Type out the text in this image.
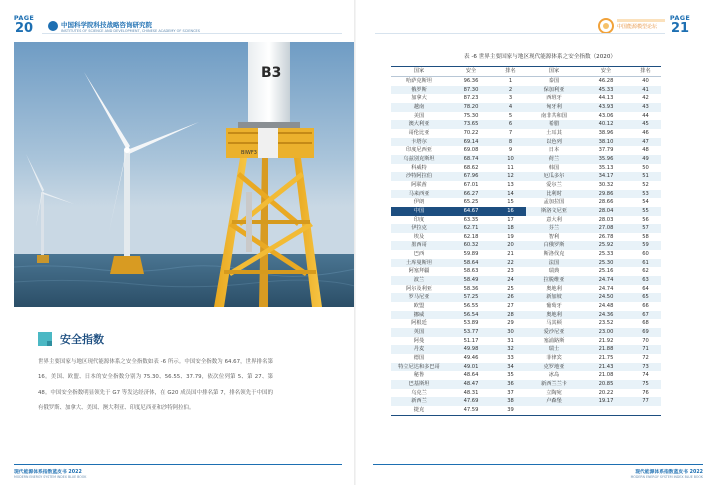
PAGE
20	中国科学院科技战略咨询研究院
INSTITUTES OF SCIENCE AND DEVELOPMENT, CHINESE ACADEMY OF SCIENCES
B3
BIWF3
安全指数
世界主要国家与地区现代能源体系之安全指数如表 -6 所示。中国安全指数为 64.67，世界排名第 16。美国、欧盟、日本的安全指数分别为 75.30、56.55、37.79，依次位列第 5、第 27、第 48。中国安全指数明显领先于 G7 等发达经济体，在 G20 成员国中排名第 7，排名领先于中国的有俄罗斯、加拿大、美国、澳大利亚、印度尼西亚和沙特阿拉伯。
现代能源体系指数蓝皮书 2022
MODERN ENERGY SYSTEM INDEX BLUE BOOK
PAGE
21
中国能源模型论坛
表 -6 世界主要国家与地区现代能源体系之安全指数（2020）
国家	安全	排名	国家	安全	排名
哈萨克斯坦	96.36	1	泰国	46.28	40
俄罗斯	87.30	2	保加利亚	45.33	41
加拿大	87.23	3	西班牙	44.13	42
越南	78.20	4	匈牙利	43.93	43
美国	75.30	5	南非共和国	43.06	44
澳大利亚	73.65	6	希腊	40.12	45
哥伦比亚	70.22	7	土耳其	38.96	46
卡塔尔	69.14	8	以色列	38.10	47
印度尼西亚	69.08	9	日本	37.79	48
乌兹别克斯坦	68.74	10	荷兰	35.96	49
科威特	68.62	11	韩国	35.13	50
沙特阿拉伯	67.96	12	厄瓜多尔	34.17	51
阿联酋	67.01	13	爱尔兰	30.32	52
马来西亚	66.27	14	比利时	29.86	53
伊朗	65.25	15	孟加拉国	28.66	54
中国	64.67	16	斯洛文尼亚	28.04	55
印度	63.35	17	意大利	28.03	56
伊拉克	62.71	18	芬兰	27.08	57
埃及	62.18	19	智利	26.78	58
墨西哥	60.32	20	白俄罗斯	25.92	59
巴西	59.89	21	斯洛伐克	25.33	60
土库曼斯坦	58.64	22	法国	25.30	61
阿塞拜疆	58.63	23	瑞典	25.16	62
波兰	58.49	24	拉脱维亚	24.74	63
阿尔及利亚	58.36	25	奥地利	24.74	64
罗马尼亚	57.25	26	新加坡	24.50	65
欧盟	56.55	27	葡萄牙	24.48	66
挪威	56.54	28	奥地利	24.36	67
阿根廷	53.89	29	马其顿	23.52	68
英国	53.77	30	爱沙尼亚	23.00	69
阿曼	51.17	31	塞浦路斯	21.92	70
丹麦	49.98	32	瑞士	21.88	71
德国	49.46	33	菲律宾	21.75	72
特立尼达和多巴哥	49.01	34	克罗地亚	21.43	73
秘鲁	48.64	35	冰岛	21.08	74
巴基斯坦	48.47	36	新西兰兰卡	20.85	75
乌克兰	48.31	37	立陶宛	20.22	76
新西兰	47.69	38	卢森堡	19.17	77
捷克	47.59	39			
现代能源体系指数蓝皮书 2022
MODERN ENERGY SYSTEM INDEX BLUE BOOK
